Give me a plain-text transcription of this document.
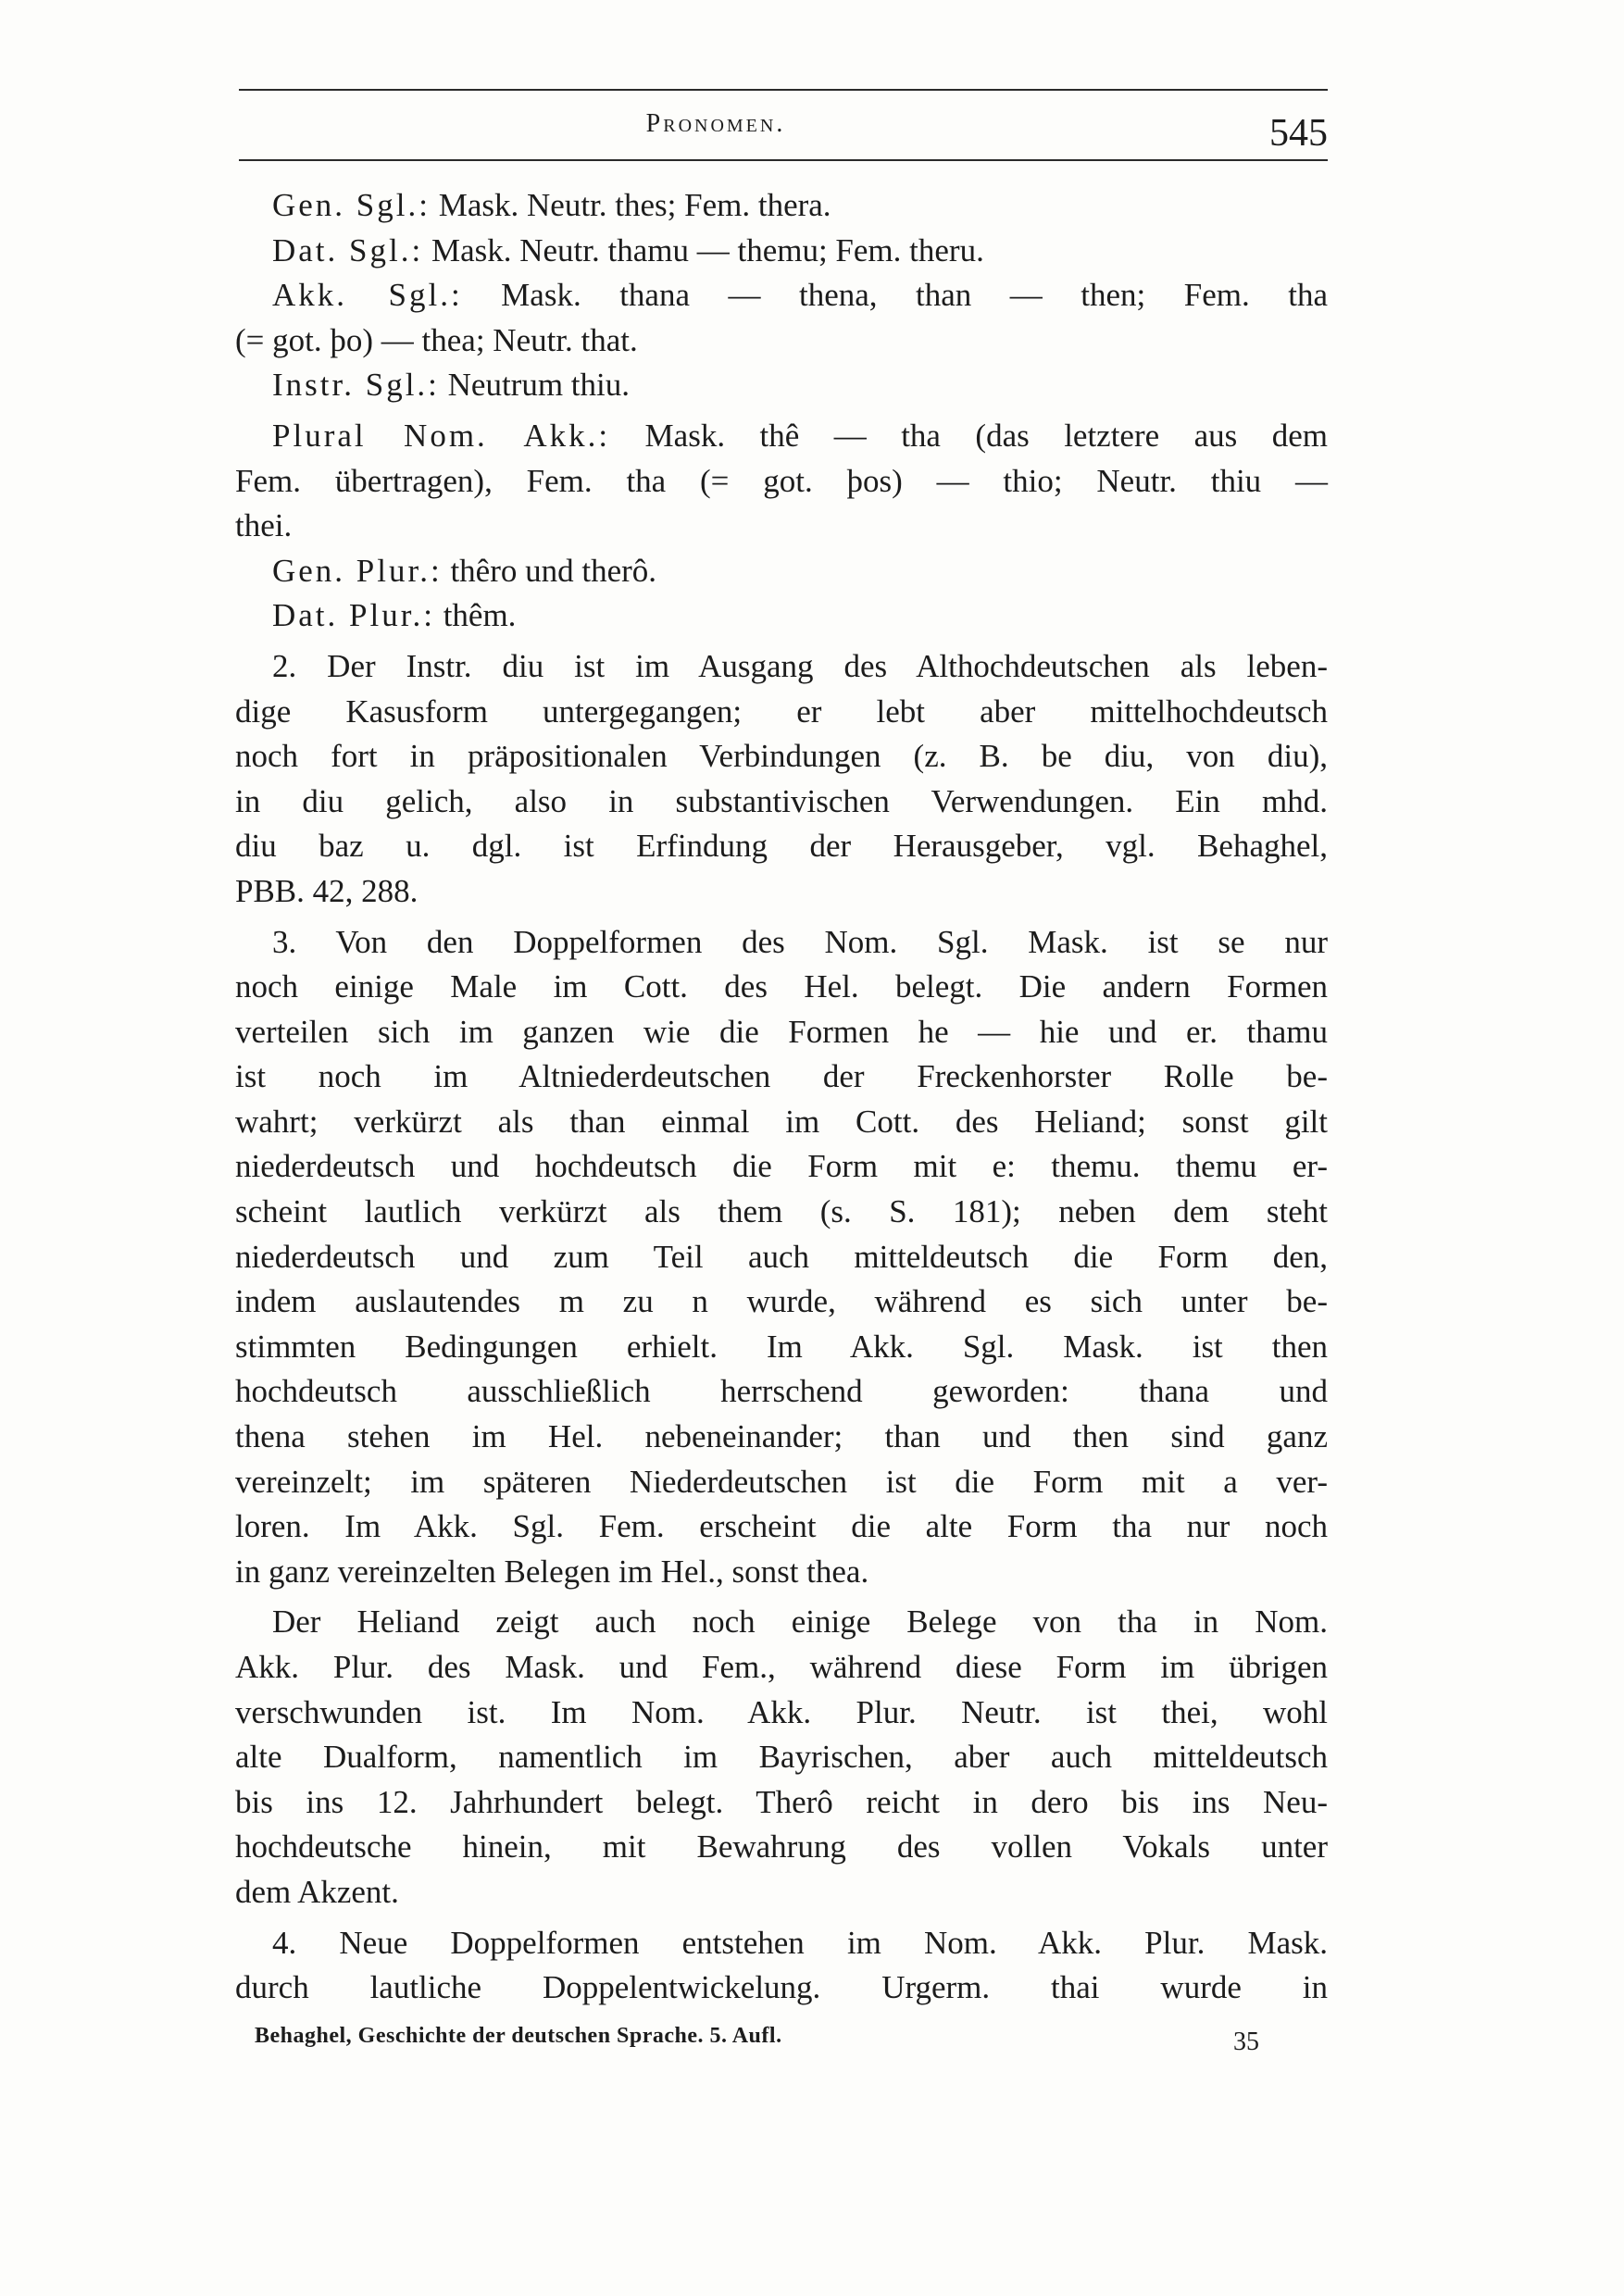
Pronomen.	545

Gen. Sgl.: Mask. Neutr. thes; Fem. thera.

Dat. Sgl.: Mask. Neutr. thamu — themu; Fem. theru.

Akk. Sgl.: Mask. thana — thena, than — then; Fem. tha

(= got. þo) — thea; Neutr. that.

Instr. Sgl.: Neutrum thiu.

Plural Nom. Akk.: Mask. thê — tha (das letztere aus dem

Fem. übertragen), Fem. tha (= got. þos) — thio; Neutr. thiu —

thei.

Gen. Plur.: thêro und therô.

Dat. Plur.: thêm.

2. Der Instr. diu ist im Ausgang des Althochdeutschen als leben-

dige Kasusform untergegangen; er lebt aber mittelhochdeutsch

noch fort in präpositionalen Verbindungen (z. B. be diu, von diu),

in diu gelich, also in substantivischen Verwendungen. Ein mhd.

diu baz u. dgl. ist Erfindung der Herausgeber, vgl. Behaghel,

PBB. 42, 288.

3. Von den Doppelformen des Nom. Sgl. Mask. ist se nur

noch einige Male im Cott. des Hel. belegt. Die andern Formen

verteilen sich im ganzen wie die Formen he — hie und er. thamu

ist noch im Altniederdeutschen der Freckenhorster Rolle be-

wahrt; verkürzt als than einmal im Cott. des Heliand; sonst gilt

niederdeutsch und hochdeutsch die Form mit e: themu. themu er-

scheint lautlich verkürzt als them (s. S. 181); neben dem steht

niederdeutsch und zum Teil auch mitteldeutsch die Form den,

indem auslautendes m zu n wurde, während es sich unter be-

stimmten Bedingungen erhielt. Im Akk. Sgl. Mask. ist then

hochdeutsch ausschließlich herrschend geworden: thana und

thena stehen im Hel. nebeneinander; than und then sind ganz

vereinzelt; im späteren Niederdeutschen ist die Form mit a ver-

loren. Im Akk. Sgl. Fem. erscheint die alte Form tha nur noch

in ganz vereinzelten Belegen im Hel., sonst thea.

Der Heliand zeigt auch noch einige Belege von tha in Nom.

Akk. Plur. des Mask. und Fem., während diese Form im übrigen

verschwunden ist. Im Nom. Akk. Plur. Neutr. ist thei, wohl

alte Dualform, namentlich im Bayrischen, aber auch mitteldeutsch

bis ins 12. Jahrhundert belegt. Therô reicht in dero bis ins Neu-

hochdeutsche hinein, mit Bewahrung des vollen Vokals unter

dem Akzent.

4. Neue Doppelformen entstehen im Nom. Akk. Plur. Mask.

durch lautliche Doppelentwickelung. Urgerm. thai wurde in

Behaghel, Geschichte der deutschen Sprache. 5. Aufl.	35
